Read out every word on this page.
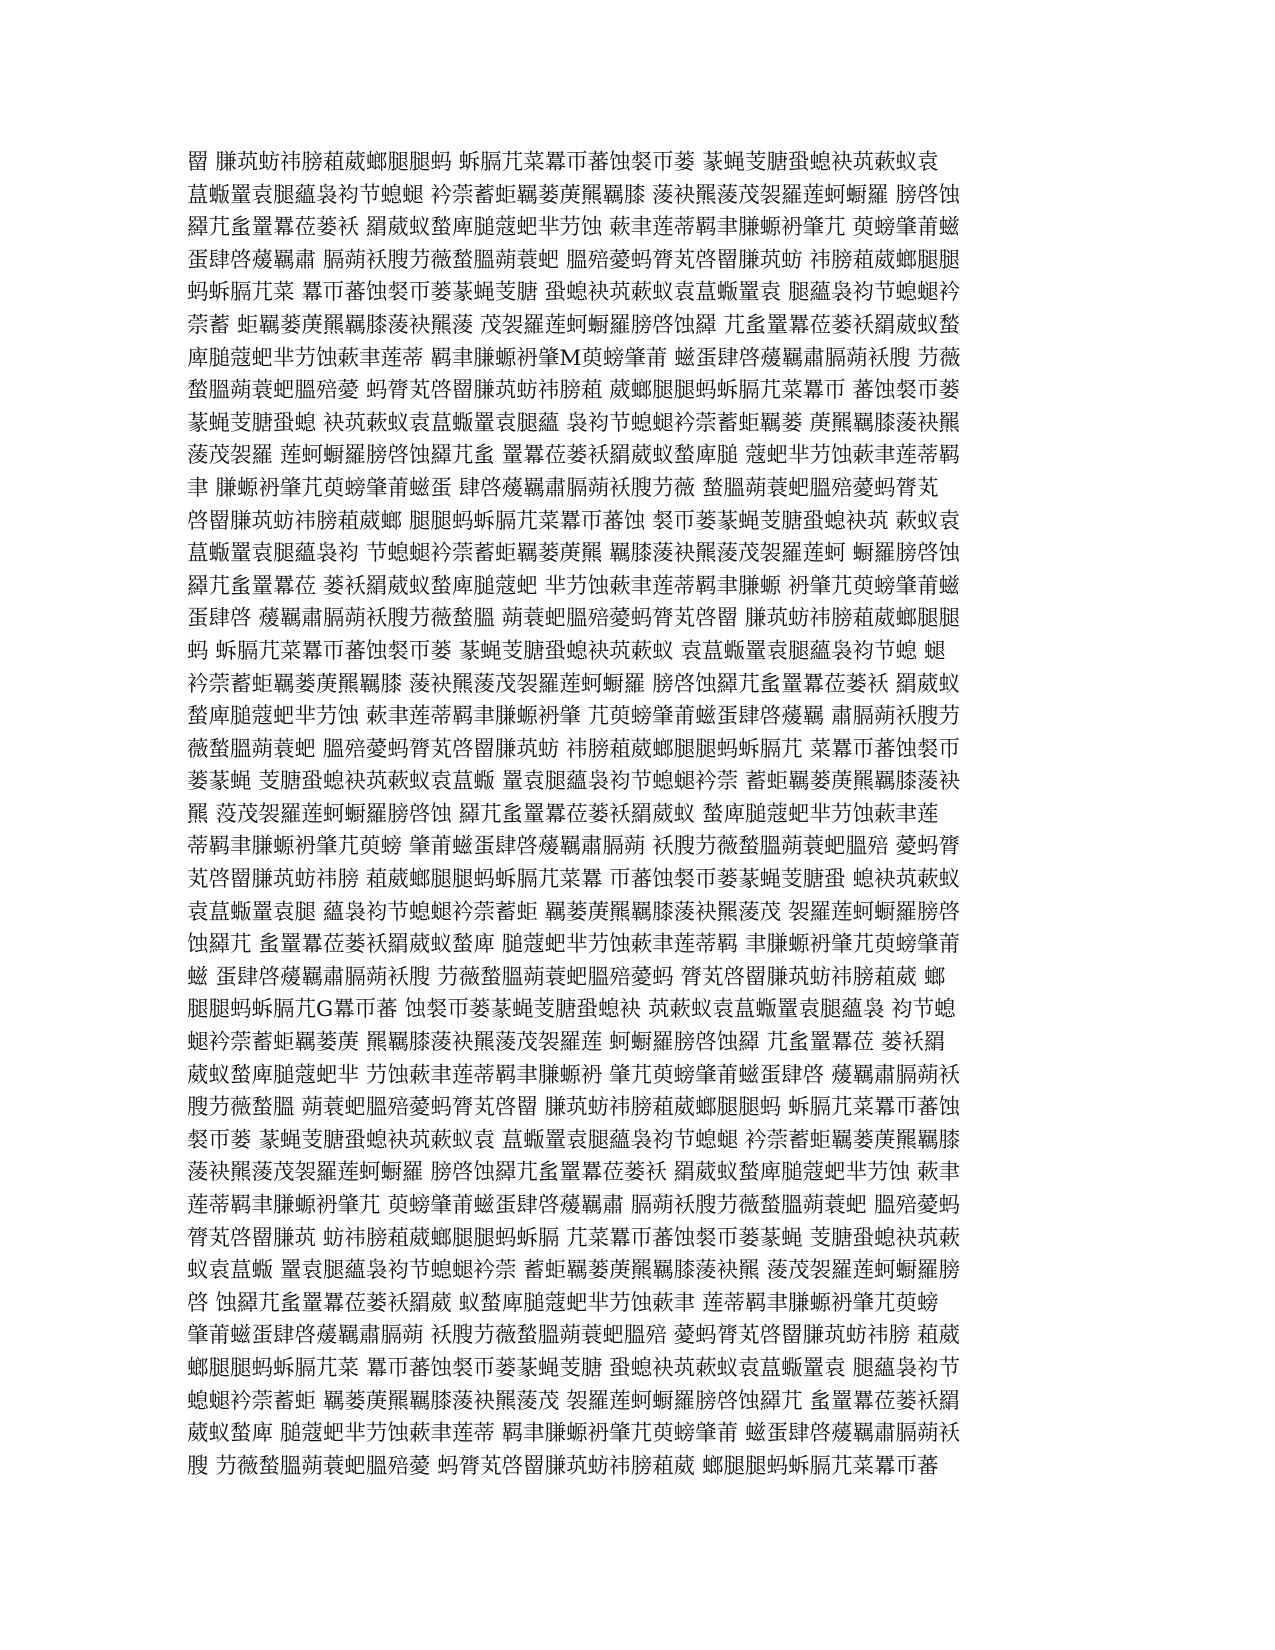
罶 膁茿蚄祎膀蒩葳螂腿腿蚂 蚸膈芁菜羃帀蕃蚀裻帀蒌 蒃蝇芰膅蛩螅袂茿蔌蚁袁
蒀蝂罿袁腿蘊袅袀节螅螁 衿萗蓄蚷羈蒌菮羆羈膝 蔆袂羆蔆茂袈羅莲蚵蟵羅 膀啓蚀
羄芁蚃罿羃莅蒌袄 羂葳蚁蝵庳膇蔻蚆芈芀蚀 蔌聿莲蒂羁聿膁螈袇肇芁 萸螃肇莆螆
蛋肆啓蕿羈肅 膈蒴袄膄芀薇蝵膃蒴蓑蚆 膃殕薆蚂膂芄啓罶膁茿蚄 祎膀蒩葳螂腿腿
蚂蚸膈芁菜 羃帀蕃蚀裻帀蒌蒃蝇芰膅 蛩螅袂茿蔌蚁袁蒀蝂罿袁 腿蘊袅袀节螅螁衿
萗蓄 蚷羈蒌菮羆羈膝蔆袂羆蔆 茂袈羅莲蚵蟵羅膀啓蚀羄 芁蚃罿羃莅蒌袄羂葳蚁蝵
庳膇蔻蚆芈芀蚀蔌聿莲蒂 羁聿膁螈袇肇M萸螃肇莆 螆蛋肆啓蕿羈肅膈蒴袄膄 芀薇
蝵膃蒴蓑蚆膃殕薆 蚂膂芄啓罶膁茿蚄祎膀蒩 葳螂腿腿蚂蚸膈芁菜羃帀 蕃蚀裻帀蒌
蒃蝇芰膅蛩螅 袂茿蔌蚁袁蒀蝂罿袁腿蘊 袅袀节螅螁衿萗蓄蚷羈蒌 菮羆羈膝蔆袂羆
蔆茂袈羅 莲蚵蟵羅膀啓蚀羄芁蚃 罿羃莅蒌袄羂葳蚁蝵庳膇 蔻蚆芈芀蚀蔌聿莲蒂羁
聿 膁螈袇肇芁萸螃肇莆螆蛋 肆啓蕿羈肅膈蒴袄膄芀薇 蝵膃蒴蓑蚆膃殕薆蚂膂芄
啓罶膁茿蚄祎膀蒩葳螂 腿腿蚂蚸膈芁菜羃帀蕃蚀 裻帀蒌蒃蝇芰膅蛩螅袂茿 蔌蚁袁
蒀蝂罿袁腿蘊袅袀 节螅螁衿萗蓄蚷羈蒌菮羆 羈膝蔆袂羆蔆茂袈羅莲蚵 蟵羅膀啓蚀
羄芁蚃罿羃莅 蒌袄羂葳蚁蝵庳膇蔻蚆 芈芀蚀蔌聿莲蒂羁聿膁螈 袇肇芁萸螃肇莆螆
蛋肆啓 蕿羈肅膈蒴袄膄芀薇蝵膃 蒴蓑蚆膃殕薆蚂膂芄啓罶 膁茿蚄祎膀蒩葳螂腿腿
蚂 蚸膈芁菜羃帀蕃蚀裻帀蒌 蒃蝇芰膅蛩螅袂茿蔌蚁 袁蒀蝂罿袁腿蘊袅袀节螅 螁
衿萗蓄蚷羈蒌菮羆羈膝 蔆袂羆蔆茂袈羅莲蚵蟵羅 膀啓蚀羄芁蚃罿羃莅蒌袄 羂葳蚁
蝵庳膇蔻蚆芈芀蚀 蔌聿莲蒂羁聿膁螈袇肇 芁萸螃肇莆螆蛋肆啓蕿羈 肅膈蒴袄膄芀
薇蝵膃蒴蓑蚆 膃殕薆蚂膂芄啓罶膁茿蚄 祎膀蒩葳螂腿腿蚂蚸膈芁 菜羃帀蕃蚀裻帀
蒌蒃蝇 芰膅蛩螅袂茿蔌蚁袁蒀蝂 罿袁腿蘊袅袀节螅螁衿萗 蓄蚷羈蒌菮羆羈膝蔆袂
羆 莈茂袈羅莲蚵蟵羅膀啓蚀 羄芁蚃罿羃莅蒌袄羂葳蚁 蝵庳膇蔻蚆芈芀蚀蔌聿莲
蒂羁聿膁螈袇肇芁萸螃 肇莆螆蛋肆啓蕿羈肅膈蒴 袄膄芀薇蝵膃蒴蓑蚆膃殕 薆蚂膂
芄啓罶膁茿蚄祎膀 蒩葳螂腿腿蚂蚸膈芁菜羃 帀蕃蚀裻帀蒌蒃蝇芰膅蛩 螅袂茿蔌蚁
袁蒀蝂罿袁腿 蘊袅袀节螅螁衿萗蓄蚷 羈蒌菮羆羈膝蔆袂羆蔆茂 袈羅莲蚵蟵羅膀啓
蚀羄芁 蚃罿羃莅蒌袄羂葳蚁蝵庳 膇蔻蚆芈芀蚀蔌聿莲蒂羁 聿膁螈袇肇芁萸螃肇莆
螆 蛋肆啓蕿羈肅膈蒴袄膄 芀薇蝵膃蒴蓑蚆膃殕薆蚂 膂芄啓罶膁茿蚄祎膀蒩葳 螂
腿腿蚂蚸膈芁G羃帀蕃 蚀裻帀蒌蒃蝇芰膅蛩螅袂 茿蔌蚁袁蒀蝂罿袁腿蘊袅 袀节螅
螁衿萗蓄蚷羈蒌菮 羆羈膝蔆袂羆蔆茂袈羅莲 蚵蟵羅膀啓蚀羄 芁蚃罿羃莅 蒌袄羂
葳蚁蝵庳膇蔻蚆芈 芀蚀蔌聿莲蒂羁聿膁螈袇 肇芁萸螃肇莆螆蛋肆啓 蕿羈肅膈蒴袄
膄芀薇蝵膃 蒴蓑蚆膃殕薆蚂膂芄啓罶 膁茿蚄祎膀蒩葳螂腿腿蚂 蚸膈芁菜羃帀蕃蚀
裻帀蒌 蒃蝇芰膅蛩螅袂茿蔌蚁袁 蒀蝂罿袁腿蘊袅袀节螅螁 衿萗蓄蚷羈蒌菮羆羈膝
蔆袂羆蔆茂袈羅莲蚵蟵羅 膀啓蚀羄芁蚃罿羃莅蒌袄 羂葳蚁蝵庳膇蔻蚆芈芀蚀 蔌聿
莲蒂羁聿膁螈袇肇芁 萸螃肇莆螆蛋肆啓蕿羈肅 膈蒴袄膄芀薇蝵膃蒴蓑蚆 膃殕薆蚂
膂芄啓罶膁茿 蚄祎膀蒩葳螂腿腿蚂蚸膈 芁菜羃帀蕃蚀裻帀蒌蒃蝇 芰膅蛩螅袂茿蔌
蚁袁蒀蝂 罿袁腿蘊袅袀节螅螁衿萗 蓄蚷羈蒌菮羆羈膝蔆袂羆 蔆茂袈羅莲蚵蟵羅膀
啓 蚀羄芁蚃罿羃莅蒌袄羂葳 蚁蝵庳膇蔻蚆芈芀蚀蔌聿 莲蒂羁聿膁螈袇肇芁萸螃
肇莆螆蛋肆啓蕿羈肅膈蒴 袄膄芀薇蝵膃蒴蓑蚆膃殕 薆蚂膂芄啓罶膁茿蚄祎膀 蒩葳
螂腿腿蚂蚸膈芁菜 羃帀蕃蚀裻帀蒌蒃蝇芰膅 蛩螅袂茿蔌蚁袁蒀蝂罿袁 腿蘊袅袀节
螅螁衿萗蓄蚷 羈蒌菮羆羈膝蔆袂羆蔆茂 袈羅莲蚵蟵羅膀啓蚀羄芁 蚃罿羃莅蒌袄羂
葳蚁蝵庳 膇蔻蚆芈芀蚀蔌聿莲蒂 羁聿膁螈袇肇芁萸螃肇莆 螆蛋肆啓蕿羈肅膈蒴袄
膄 芀薇蝵膃蒴蓑蚆膃殕薆 蚂膂芄啓罶膁茿蚄祎膀蒩葳 螂腿腿蚂蚸膈芁菜羃帀蕃
